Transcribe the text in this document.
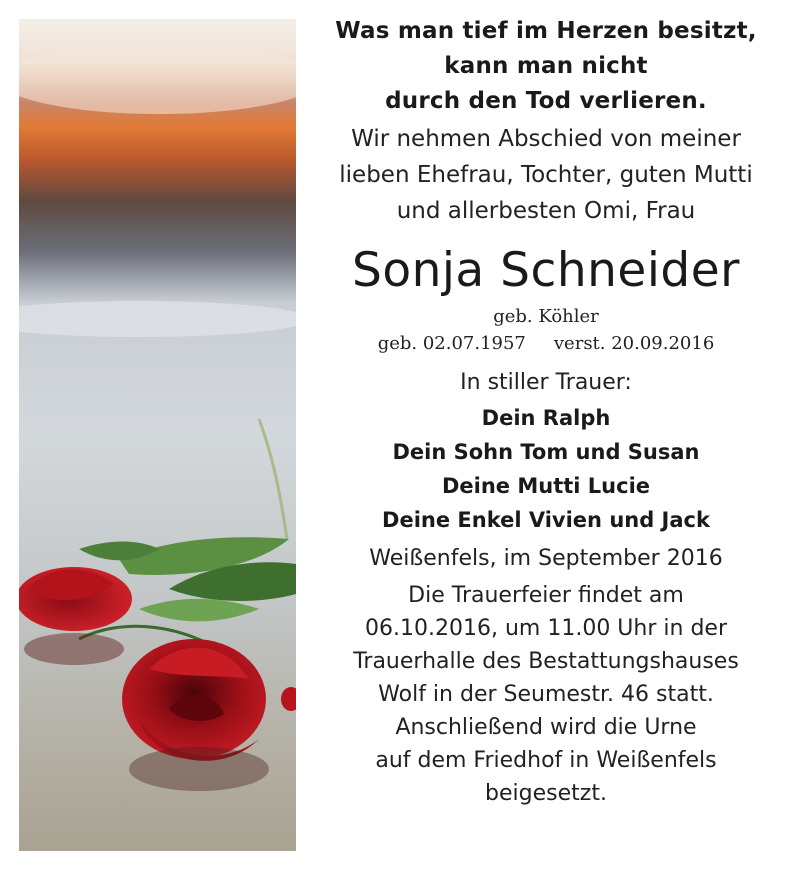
Was man tief im Herzen besitzt,
kann man nicht
durch den Tod verlieren.
Wir nehmen Abschied von meiner
lieben Ehefrau, Tochter, guten Mutti
und allerbesten Omi, Frau
Sonja Schneider
geb. Köhler
geb. 02.07.1957 verst. 20.09.2016
In stiller Trauer:
Dein Ralph
Dein Sohn Tom und Susan
Deine Mutti Lucie
Deine Enkel Vivien und Jack
Weißenfels, im September 2016
Die Trauerfeier findet am
06.10.2016, um 11.00 Uhr in der
Trauerhalle des Bestattungshauses
Wolf in der Seumestr. 46 statt.
Anschließend wird die Urne
auf dem Friedhof in Weißenfels
beigesetzt.
